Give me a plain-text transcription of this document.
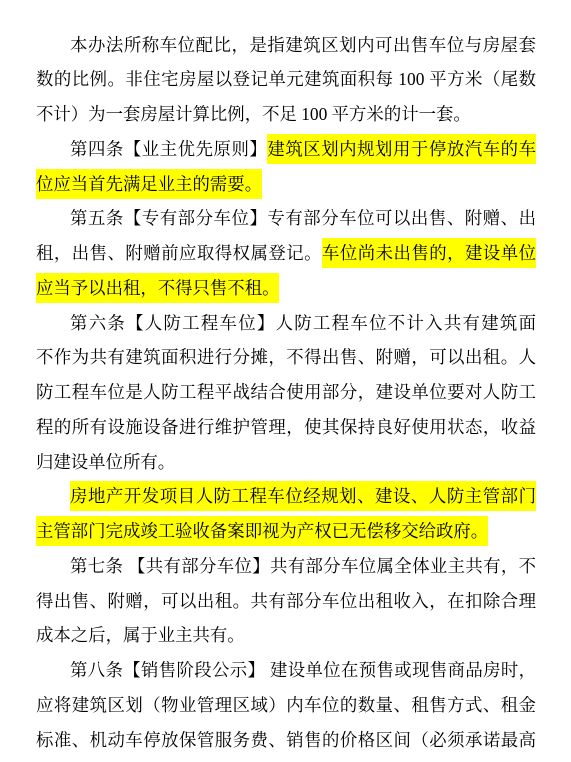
本办法所称车位配比，是指建筑区划内可出售车位与房屋套
数的比例。非住宅房屋以登记单元建筑面积每 100 平方米（尾数
不计）为一套房屋计算比例，不足 100 平方米的计一套。
第四条【业主优先原则】建筑区划内规划用于停放汽车的车
位应当首先满足业主的需要。
第五条【专有部分车位】专有部分车位可以出售、附赠、出
租，出售、附赠前应取得权属登记。车位尚未出售的，建设单位
应当予以出租，不得只售不租。
第六条【人防工程车位】人防工程车位不计入共有建筑面
不作为共有建筑面积进行分摊，不得出售、附赠，可以出租。人
防工程车位是人防工程平战结合使用部分，建设单位要对人防工
程的所有设施设备进行维护管理，使其保持良好使用状态，收益
归建设单位所有。
房地产开发项目人防工程车位经规划、建设、人防主管部门
主管部门完成竣工验收备案即视为产权已无偿移交给政府。
第七条 【共有部分车位】共有部分车位属全体业主共有，不
得出售、附赠，可以出租。共有部分车位出租收入，在扣除合理
成本之后，属于业主共有。
第八条【销售阶段公示】 建设单位在预售或现售商品房时，
应将建筑区划（物业管理区域）内车位的数量、租售方式、租金
标准、机动车停放保管服务费、销售的价格区间（必须承诺最高
